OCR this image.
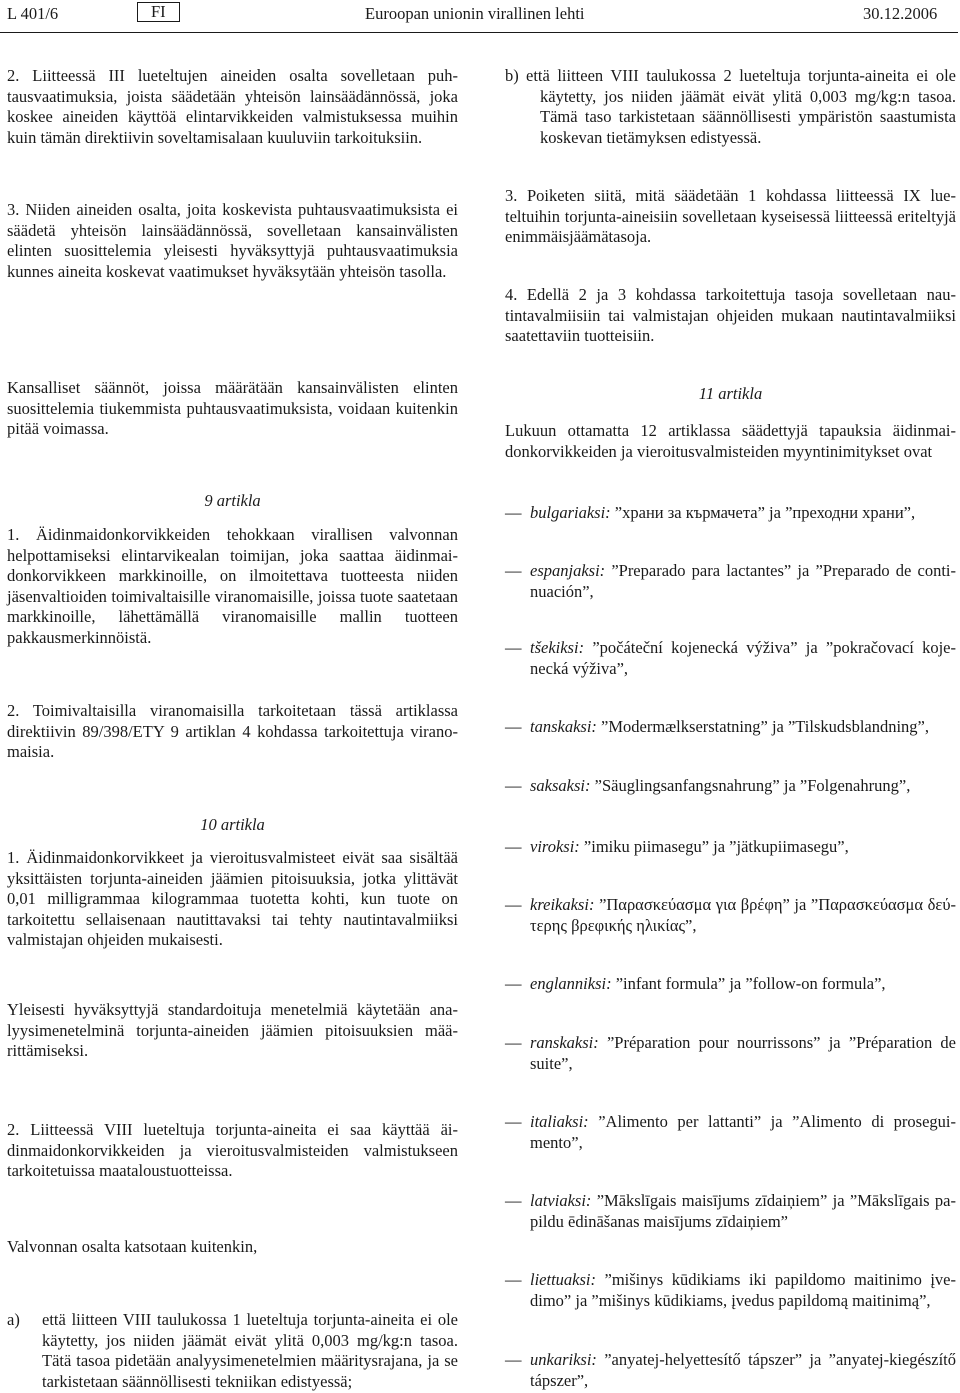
L 401/6	FI	Euroopan unionin virallinen lehti	30.12.2006

2. Liitteessä III lueteltujen aineiden osalta sovelletaan puhtausvaatimuksia, joista säädetään yhteisön lainsäädännössä, joka koskee aineiden käyttöä elintarvikkeiden valmistuksessa muihin kuin tämän direktiivin soveltamisalaan kuuluviin tarkoituksiin.

3. Niiden aineiden osalta, joita koskevista puhtausvaatimuksista ei säädetä yhteisön lainsäädännössä, sovelletaan kansainvälisten elinten suosittelemia yleisesti hyväksyttyjä puhtausvaatimuksia kunnes aineita koskevat vaatimukset hyväksytään yhteisön tasolla.

Kansalliset säännöt, joissa määrätään kansainvälisten elinten suosittelemia tiukemmista puhtausvaatimuksista, voidaan kuitenkin pitää voimassa.

9 artikla

1. Äidinmaidonkorvikkeiden tehokkaan virallisen valvonnan helpottamiseksi elintarvikealan toimijan, joka saattaa äidinmaidonkorvikkeen markkinoille, on ilmoitettava tuotteesta niiden jäsenvaltioiden toimivaltaisille viranomaisille, joissa tuote saatetaan markkinoille, lähettämällä viranomaisille mallin tuotteen pakkausmerkinnöistä.

2. Toimivaltaisilla viranomaisilla tarkoitetaan tässä artiklassa direktiivin 89/398/ETY 9 artiklan 4 kohdassa tarkoitettuja viranomaisia.

10 artikla

1. Äidinmaidonkorvikkeet ja vieroitusvalmisteet eivät saa sisältää yksittäisten torjunta-aineiden jäämien pitoisuuksia, jotka ylittävät 0,01 milligrammaa kilogrammaa tuotetta kohti, kun tuote on tarkoitettu sellaisenaan nautittavaksi tai tehty nautintavalmiiksi valmistajan ohjeiden mukaisesti.

Yleisesti hyväksyttyjä standardoituja menetelmiä käytetään analyysimenetelminä torjunta-aineiden jäämien pitoisuuksien määrittämiseksi.

2. Liitteessä VIII lueteltuja torjunta-aineita ei saa käyttää äidinmaidonkorvikkeiden ja vieroitusvalmisteiden valmistukseen tarkoitetuissa maataloustuotteissa.

Valvonnan osalta katsotaan kuitenkin,

a) että liitteen VIII taulukossa 1 lueteltuja torjunta-aineita ei ole käytetty, jos niiden jäämät eivät ylitä 0,003 mg/kg:n tasoa. Tätä tasoa pidetään analyysimenetelmien määritysrajana, ja se tarkistetaan säännöllisesti tekniikan edistyessä;
b) että liitteen VIII taulukossa 2 lueteltuja torjunta-aineita ei ole käytetty, jos niiden jäämät eivät ylitä 0,003 mg/kg:n tasoa. Tämä taso tarkistetaan säännöllisesti ympäristön saastumista koskevan tietämyksen edistyessä.

3. Poiketen siitä, mitä säädetään 1 kohdassa liitteessä IX lueteltuihin torjunta-aineisiin sovelletaan kyseisessä liitteessä eriteltyjä enimmäisjäämätasoja.

4. Edellä 2 ja 3 kohdassa tarkoitettuja tasoja sovelletaan nautintavalmiisiin tai valmistajan ohjeiden mukaan nautintavalmiiksi saatettaviin tuotteisiin.

11 artikla

Lukuun ottamatta 12 artiklassa säädettyjä tapauksia äidinmaidonkorvikkeiden ja vieroitusvalmisteiden myyntinimitykset ovat

— bulgariaksi: ”храни за кърмачета” ja ”преходни храни”,
— espanjaksi: ”Preparado para lactantes” ja ”Preparado de continuación”,
— tšekiksi: ”počáteční kojenecká výživa” ja ”pokračovací kojenecká výživa”,
— tanskaksi: ”Modermælkserstatning” ja ”Tilskudsblandning”,
— saksaksi: ”Säuglingsanfangsnahrung” ja ”Folgenahrung”,
— viroksi: ”imiku piimasegu” ja ”jätkupiimasegu”,
— kreikaksi: ”Παρασκεύασμα για βρέφη” ja ”Παρασκεύασμα δεύτερης βρεφικής ηλικίας”,
— englanniksi: ”infant formula” ja ”follow-on formula”,
— ranskaksi: ”Préparation pour nourrissons” ja ”Préparation de suite”,
— italiaksi: ”Alimento per lattanti” ja ”Alimento di proseguimento”,
— latviaksi: ”Mākslīgais maisījums zīdaiņiem” ja ”Mākslīgais papildu ēdināšanas maisījums zīdaiņiem”
— liettuaksi: ”mišinys kūdikiams iki papildomo maitinimo įvedimo” ja ”mišinys kūdikiams, įvedus papildomą maitinimą”,
— unkariksi: ”anyatej-helyettesítő tápszer” ja ”anyatej-kiegészítő tápszer”,
